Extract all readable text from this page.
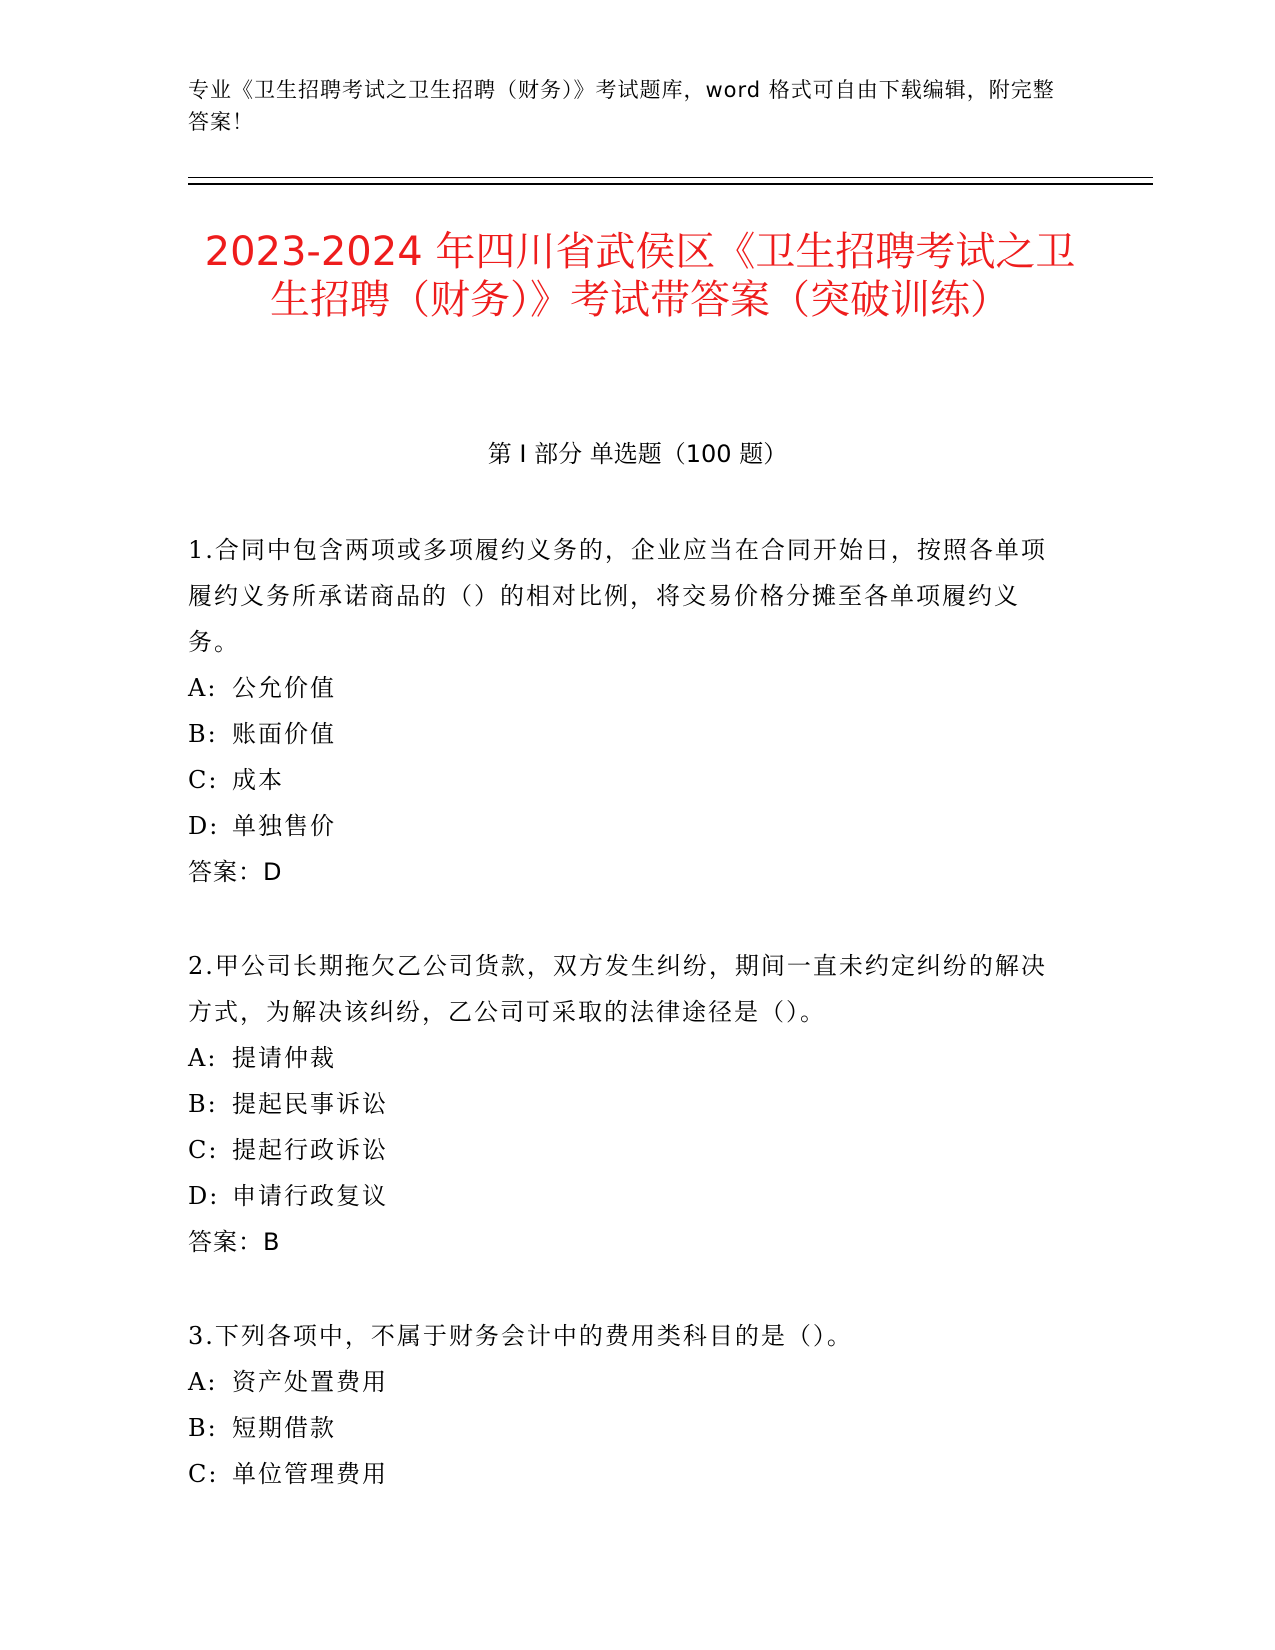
专业《卫生招聘考试之卫生招聘（财务）》考试题库，word 格式可自由下载编辑，附完整答案！
2023-2024 年四川省武侯区《卫生招聘考试之卫生招聘（财务）》考试带答案（突破训练）
第 I 部分 单选题（100 题）

1.合同中包含两项或多项履约义务的，企业应当在合同开始日，按照各单项履约义务所承诺商品的（）的相对比例，将交易价格分摊至各单项履约义务。

A: 公允价值
B: 账面价值
C: 成本
D: 单独售价
答案：D

2.甲公司长期拖欠乙公司货款，双方发生纠纷，期间一直未约定纠纷的解决方式，为解决该纠纷，乙公司可采取的法律途径是（）。

A: 提请仲裁
B: 提起民事诉讼
C: 提起行政诉讼
D: 申请行政复议
答案：B

3.下列各项中，不属于财务会计中的费用类科目的是（）。

A: 资产处置费用
B: 短期借款
C: 单位管理费用
